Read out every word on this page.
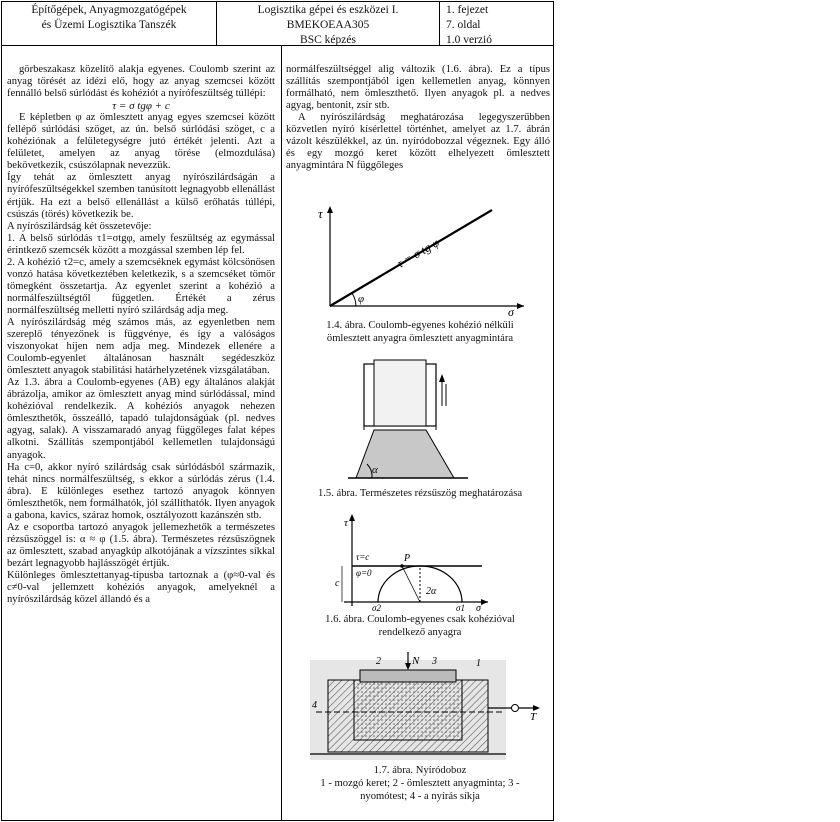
Építőgépek, Anyagmozgatógépek
és Üzemi Logisztika Tanszék
Logisztika gépei és eszközei I.
BMEKOEAA305
BSC képzés
1. fejezet
7. oldal
1.0 verzió

görbeszakasz közelítő alakja egyenes. Coulomb szerint az anyag törését az idézi elő, hogy az anyag szemcsei között fennálló belső súrlódást és kohéziót a nyírófeszültség túllépi:

τ = σ tgφ + c

E képletben φ az ömlesztett anyag egyes szemcsei között fellépő súrlódási szöget, az ún. belső súrlódási szöget, c a kohéziónak a felületegységre jutó értékét jelenti. Azt a felületet, amelyen az anyag törése (elmozdulása) bekövetkezik, csúszólapnak nevezzük.

Így tehát az ömlesztett anyag nyírószilárdságán a nyírófeszültségekkel szemben tanúsított legnagyobb ellenállást értjük. Ha ezt a belső ellenállást a külső erőhatás túllépi, csúszás (törés) következik be.

A nyírószilárdság két összetevője:

1. A belső súrlódás τ1=σtgφ, amely feszültség az egymással érintkező szemcsék között a mozgással szemben lép fel.

2. A kohézió τ2=c, amely a szemcséknek egymást kölcsönösen vonzó hatása következtében keletkezik, s a szemcséket tömör tömegként összetartja. Az egyenlet szerint a kohézió a normálfeszültségtől független. Értékét a zérus normálfeszültség melletti nyíró szilárdság adja meg.

A nyírószilárdság még számos más, az egyenletben nem szereplő tényezőnek is függvénye, és így a valóságos viszonyokat híjen nem adja meg. Mindezek ellenére a Coulomb-egyenlet általánosan használt segédeszköz ömlesztett anyagok stabilitási határhelyzetének vizsgálatában.

Az 1.3. ábra a Coulomb-egyenes (AB) egy általános alakját ábrázolja, amikor az ömlesztett anyag mind súrlódással, mind kohézióval rendelkezik. A kohéziós anyagok nehezen ömleszthetők, összeálló, tapadó tulajdonságúak (pl. nedves agyag, salak). A visszamaradó anyag függőleges falat képes alkotni. Szállítás szempontjából kellemetlen tulajdonságú anyagok.

Ha c=0, akkor nyíró szilárdság csak súrlódásból származik, tehát nincs normálfeszültség, s ekkor a súrlódás zérus (1.4. ábra). E különleges esethez tartozó anyagok könnyen ömleszthetők, nem formálhatók, jól szállíthatók. Ilyen anyagok a gabona, kavics, száraz homok, osztályozott kazánszén stb.

Az e csoportba tartozó anyagok jellemezhetők a természetes rézsűszöggel is: α ≈ φ (1.5. ábra). Természetes rézsűszögnek az ömlesztett, szabad anyagkúp alkotójának a vízszintes síkkal bezárt legnagyobb hajlásszögét értjük.

Különleges ömlesztettanyag-típusba tartoznak a (φ≈0-val és c≠0-val jellemzett kohéziós anyagok, amelyeknél a nyírószilárdság közel állandó és a

normálfeszültséggel alig változik (1.6. ábra). Ez a típus szállítás szempontjából igen kellemetlen anyag, könnyen formálható, nem ömleszthető. Ilyen anyagok pl. a nedves agyag, bentonit, zsír stb.

A nyírószilárdság meghatározása legegyszerűbben közvetlen nyíró kísérlettel történhet, amelyet az 1.7. ábrán vázolt készülékkel, az ún. nyíródobozzal végeznek. Egy álló és egy mozgó keret között elhelyezett ömlesztett anyagmintára N függőleges

τ
σ
φ
τ = σ tg φ
1.4. ábra. Coulomb-egyenes kohézió nélküli
ömlesztett anyagra ömlesztett anyagmintára
α
1.5. ábra. Természetes rézsűszög meghatározása
τ
τ=c
φ=0
c
P
2α
σ2	σ1 σ
1.6. ábra. Coulomb-egyenes csak kohézióval
rendelkező anyagra
N
T
1
2	3
4
1.7. ábra. Nyíródoboz
1 - mozgó keret; 2 - ömlesztett anyagminta; 3 -
nyomótest; 4 - a nyírás síkja
